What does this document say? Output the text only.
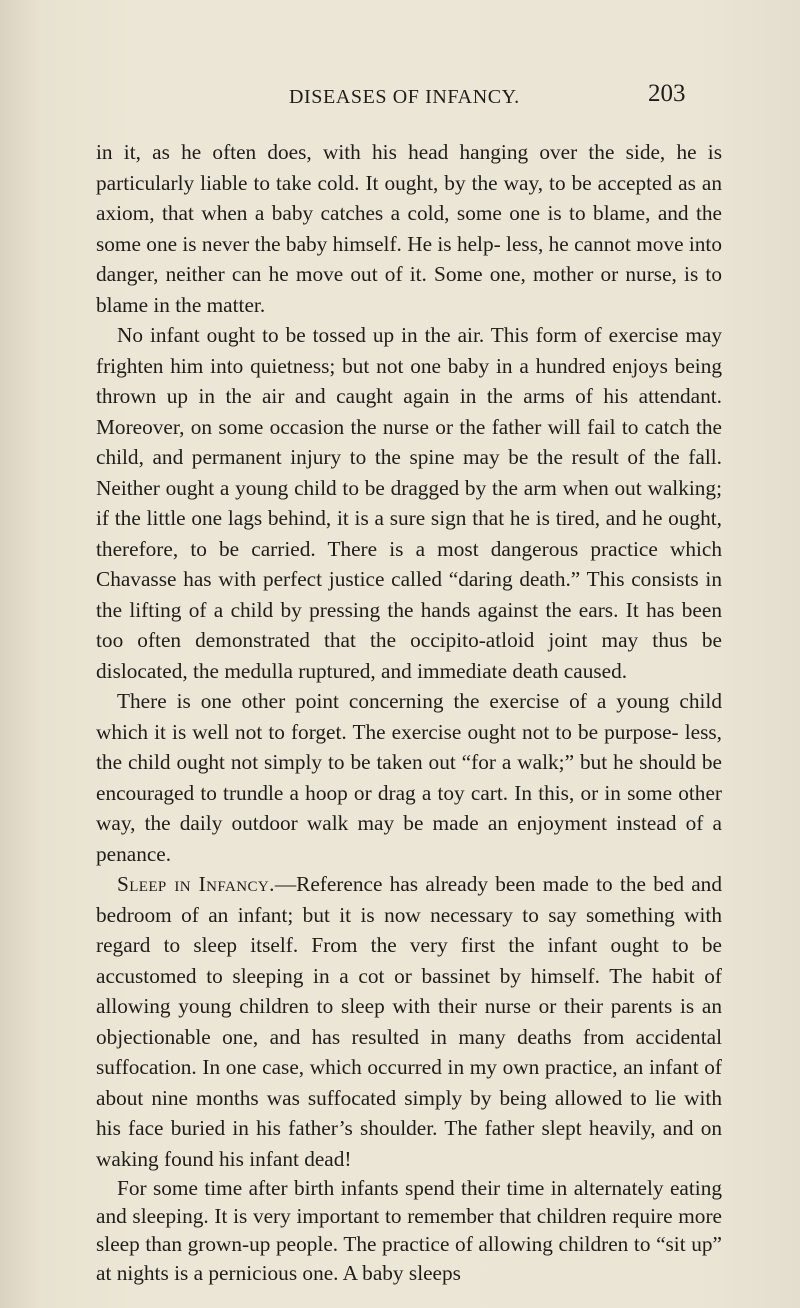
DISEASES OF INFANCY.	203

in it, as he often does, with his head hanging over the side, he is particularly liable to take cold. It ought, by the way, to be accepted as an axiom, that when a baby catches a cold, some one is to blame, and the some one is never the baby himself. He is help- less, he cannot move into danger, neither can he move out of it. Some one, mother or nurse, is to blame in the matter.

No infant ought to be tossed up in the air. This form of exercise may frighten him into quietness; but not one baby in a hundred enjoys being thrown up in the air and caught again in the arms of his attendant. Moreover, on some occasion the nurse or the father will fail to catch the child, and permanent injury to the spine may be the result of the fall. Neither ought a young child to be dragged by the arm when out walking; if the little one lags behind, it is a sure sign that he is tired, and he ought, therefore, to be carried. There is a most dangerous practice which Chavasse has with perfect justice called “daring death.” This consists in the lifting of a child by pressing the hands against the ears. It has been too often demonstrated that the occipito-atloid joint may thus be dislocated, the medulla ruptured, and immediate death caused.

There is one other point concerning the exercise of a young child which it is well not to forget. The exercise ought not to be purpose- less, the child ought not simply to be taken out “for a walk;” but he should be encouraged to trundle a hoop or drag a toy cart. In this, or in some other way, the daily outdoor walk may be made an enjoyment instead of a penance.

Sleep in Infancy.—Reference has already been made to the bed and bedroom of an infant; but it is now necessary to say something with regard to sleep itself. From the very first the infant ought to be accustomed to sleeping in a cot or bassinet by himself. The habit of allowing young children to sleep with their nurse or their parents is an objectionable one, and has resulted in many deaths from accidental suffocation. In one case, which occurred in my own practice, an infant of about nine months was suffocated simply by being allowed to lie with his face buried in his father’s shoulder. The father slept heavily, and on waking found his infant dead!

For some time after birth infants spend their time in alternately eating and sleeping. It is very important to remember that children require more sleep than grown-up people. The practice of allowing children to “sit up” at nights is a pernicious one. A baby sleeps
